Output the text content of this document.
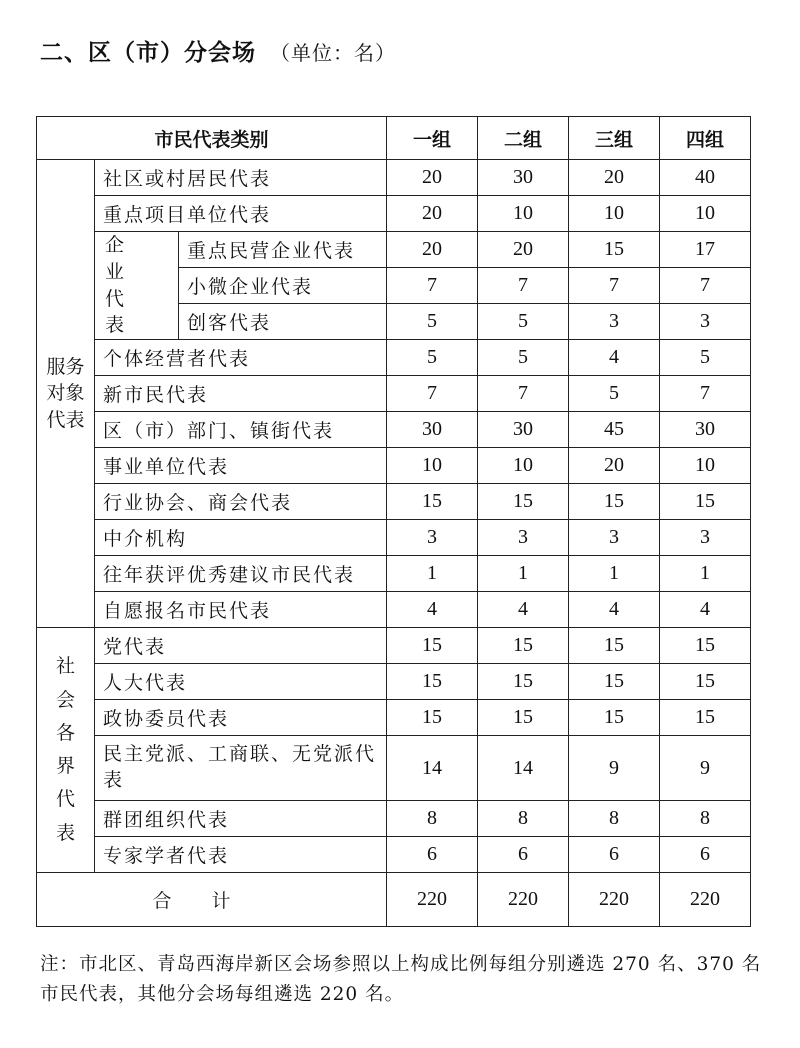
二、区（市）分会场 （单位：名）
市民代表类别			一组	二组	三组	四组

服务对象代表	社区或村居民代表		20	30	20	40
	重点项目单位代表		20	10	10	10

	企业代表	重点民营企业代表	20	20	15	17
		小微企业代表	7	7	7	7
		创客代表	5	5	3	3
	个体经营者代表		5	5	4	5
	新市民代表		7	7	5	7
	区（市）部门、镇街代表		30	30	45	30
	事业单位代表		10	10	20	10
	行业协会、商会代表		15	15	15	15
	中介机构		3	3	3	3
	往年获评优秀建议市民代表		1	1	1	1
	自愿报名市民代表		4	4	4	4

社会各界代表	党代表		15	15	15	15
	人大代表		15	15	15	15
	政协委员代表		15	15	15	15
	民主党派、工商联、无党派代表		14	14	9	9
	群团组织代表		8	8	8	8
	专家学者代表		6	6	6	6
合计			220	220	220	220
注：市北区、青岛西海岸新区会场参照以上构成比例每组分别遴选 270 名、370 名市民代表，其他分会场每组遴选 220 名。
